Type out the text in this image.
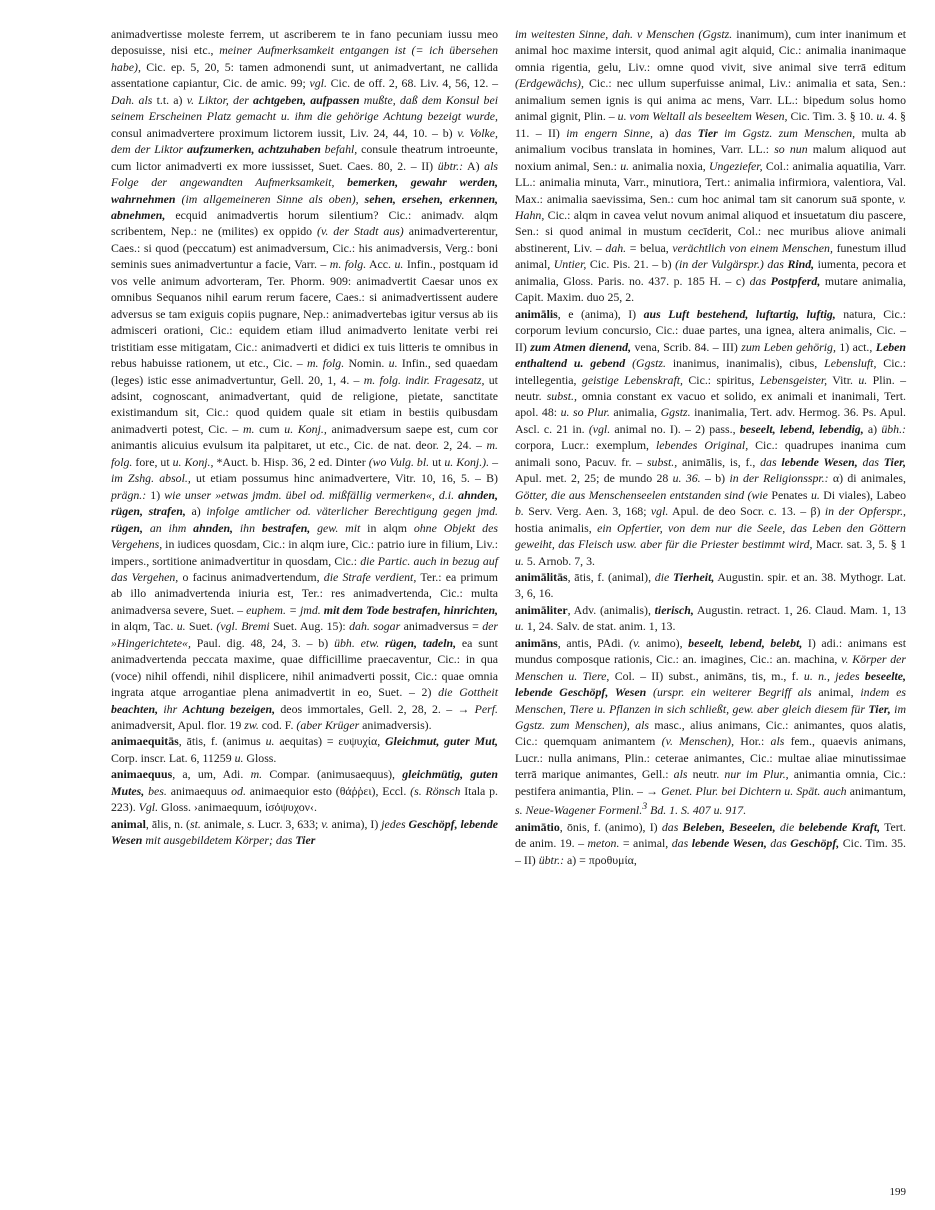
animadvertisse moleste ferrem, ut ascriberem te in fano pecuniam iussu meo deposuisse, nisi etc., meiner Aufmerksamkeit entgangen ist (= ich übersehen habe), Cic. ep. 5, 20, 5: tamen admonendi sunt, ut animadvertant, ne callida assentatione capiantur, Cic. de amic. 99; vgl. Cic. de off. 2, 68. Liv. 4, 56, 12. – Dah. als t.t. a) v. Liktor, der achtgeben, aufpassen mußte, daß dem Konsul bei seinem Erscheinen Platz gemacht u. ihm die gehörige Achtung bezeigt wurde, consul animadvertere proximum lictorem iussit, Liv. 24, 44, 10. – b) v. Volke, dem der Liktor aufzumerken, achtzuhaben befahl, consule theatrum introeunte, cum lictor animadverti ex more iussisset, Suet. Caes. 80, 2. – II) übtr.: A) als Folge der angewandten Aufmerksamkeit, bemerken, gewahr werden, wahrnehmen (im allgemeineren Sinne als oben), sehen, ersehen, erkennen, abnehmen, ecquid animadvertis horum silentium? Cic.: animadv. alqm scribentem, Nep.: ne (milites) ex oppido (v. der Stadt aus) animadverterentur, Caes.: si quod (peccatum) est animadversum, Cic.: his animadversis, Verg.: boni seminis sues animadvertuntur a facie, Varr. – m. folg. Acc. u. Infin., postquam id vos velle animum advorteram, Ter. Phorm. 909: animadvertit Caesar unos ex omnibus Sequanos nihil earum rerum facere, Caes.: si animadvertissent audere adversus se tam exiguis copiis pugnare, Nep.: animadvertebas igitur versus ab iis admisceri orationi, Cic.: equidem etiam illud animadverto lenitate verbi rei tristitiam esse mitigatam, Cic.: animadverti et didici ex tuis litteris te omnibus in rebus habuisse rationem, ut etc., Cic. – m. folg. Nomin. u. Infin., sed quaedam (leges) istic esse animadvertuntur, Gell. 20, 1, 4. – m. folg. indir. Fragesatz, ut adsint, cognoscant, animadvertant, quid de religione, pietate, sanctitate existimandum sit, Cic.: quod quidem quale sit etiam in bestiis quibusdam animadverti potest, Cic. – m. cum u. Konj., animadversum saepe est, cum cor animantis alicuius evulsum ita palpitaret, ut etc., Cic. de nat. deor. 2, 24. – m. folg. fore, ut u. Konj., *Auct. b. Hisp. 36, 2 ed. Dinter (wo Vulg. bl. ut u. Konj.). – im Zshg. absol., ut etiam possumus hinc animadvertere, Vitr. 10, 16, 5. – B) prägn.: 1) wie unser »etwas jmdm. übel od. mißfällig vermerken«, d.i. ahnden, rügen, strafen, a) infolge amtlicher od. väterlicher Berechtigung gegen jmd. rügen, an ihm ahnden, ihn bestrafen, gew. mit in alqm ohne Objekt des Vergehens, in iudices quosdam, Cic.: in alqm iure, Cic.: patrio iure in filium, Liv.: impers., sortitione animadvertitur in quosdam, Cic.: die Partic. auch in bezug auf das Vergehen, o facinus animadvertendum, die Strafe verdient, Ter.: ea primum ab illo animadvertenda iniuria est, Ter.: res animadvertenda, Cic.: multa animadversa severe, Suet. – euphem. = jmd. mit dem Tode bestrafen, hinrichten, in alqm, Tac. u. Suet. (vgl. Bremi Suet. Aug. 15): dah. sogar animadversus = der »Hingerichtete«, Paul. dig. 48, 24, 3. – b) übh. etw. rügen, tadeln, ea sunt animadvertenda peccata maxime, quae difficillime praecaventur, Cic.: in qua (voce) nihil offendi, nihil displicere, nihil animadverti possit, Cic.: quae omnia ingrata atque arrogantiae plena animadvertit in eo, Suet. – 2) die Gottheit beachten, ihr Achtung bezeigen, deos immortales, Gell. 2, 28, 2. – → Perf. animadversit, Apul. flor. 19 zw. cod. F. (aber Krüger animadversis).

animaequitās, ātis, f. (animus u. aequitas) = ευψυχία, Gleichmut, guter Mut, Corp. inscr. Lat. 6, 11259 u. Gloss.

animaequus, a, um, Adi. m. Compar. (animusaequus), gleichmütig, guten Mutes, bes. animaequus od. animaequior esto (θάῤῥει), Eccl. (s. Rönsch Itala p. 223). Vgl. Gloss. ›animaequum, ἰσόψυχον‹.

animal, ālis, n. (st. animale, s. Lucr. 3, 633; v. anima), I) jedes Geschöpf, lebende Wesen mit ausgebildetem Körper; das Tier

im weitesten Sinne, dah. v Menschen (Ggstz. inanimum), cum inter inanimum et animal hoc maxime intersit, quod animal agit alquid, Cic.: animalia inanimaque omnia rigentia, gelu, Liv.: omne quod vivit, sive animal sive terrā editum (Erdgewächs), Cic.: nec ullum superfuisse animal, Liv.: animalia et sata, Sen.: animalium semen ignis is qui anima ac mens, Varr. LL.: bipedum solus homo animal gignit, Plin. – u. vom Weltall als beseeltem Wesen, Cic. Tim. 3. § 10. u. 4. § 11. – II) im engern Sinne, a) das Tier im Ggstz. zum Menschen, multa ab animalium vocibus translata in homines, Varr. LL.: so nun malum aliquod aut noxium animal, Sen.: u. animalia noxia, Ungeziefer, Col.: animalia aquatilia, Varr. LL.: animalia minuta, Varr., minutiora, Tert.: animalia infirmiora, valentiora, Val. Max.: animalia saevissima, Sen.: cum hoc animal tam sit canorum suā sponte, v. Hahn, Cic.: alqm in cavea velut novum animal aliquod et insuetatum diu pascere, Sen.: si quod animal in mustum cecīderit, Col.: nec muribus aliove animali abstinerent, Liv. – dah. = belua, verächtlich von einem Menschen, funestum illud animal, Untier, Cic. Pis. 21. – b) (in der Vulgärspr.) das Rind, iumenta, pecora et animalia, Gloss. Paris. no. 437. p. 185 H. – c) das Postpferd, mutare animalia, Capit. Maxim. duo 25, 2.

animālis, e (anima), I) aus Luft bestehend, luftartig, luftig, natura, Cic.: corporum levium concursio, Cic.: duae partes, una ignea, altera animalis, Cic. – II) zum Atmen dienend, vena, Scrib. 84. – III) zum Leben gehörig, 1) act., Leben enthaltend u. gebend (Ggstz. inanimus, inanimalis), cibus, Lebensluft, Cic.: intellegentia, geistige Lebenskraft, Cic.: spiritus, Lebensgeister, Vitr. u. Plin. – neutr. subst., omnia constant ex vacuo et solido, ex animali et inanimali, Tert. apol. 48: u. so Plur. animalia, Ggstz. inanimalia, Tert. adv. Hermog. 36. Ps. Apul. Ascl. c. 21 in. (vgl. animal no. I). – 2) pass., beseelt, lebend, lebendig, a) übh.: corpora, Lucr.: exemplum, lebendes Original, Cic.: quadrupes inanima cum animali sono, Pacuv. fr. – subst., animālis, is, f., das lebende Wesen, das Tier, Apul. met. 2, 25; de mundo 28 u. 36. – b) in der Religionsspr.: α) di animales, Götter, die aus Menschenseelen entstanden sind (wie Penates u. Di viales), Labeo b. Serv. Verg. Aen. 3, 168; vgl. Apul. de deo Socr. c. 13. – β) in der Opferspr., hostia animalis, ein Opfertier, von dem nur die Seele, das Leben den Göttern geweiht, das Fleisch usw. aber für die Priester bestimmt wird, Macr. sat. 3, 5. § 1 u. 5. Arnob. 7, 3.

animālitās, ātis, f. (animal), die Tierheit, Augustin. spir. et an. 38. Mythogr. Lat. 3, 6, 16.

animāliter, Adv. (animalis), tierisch, Augustin. retract. 1, 26. Claud. Mam. 1, 13 u. 1, 24. Salv. de stat. anim. 1, 13.

animāns, antis, PAdi. (v. animo), beseelt, lebend, belebt, I) adi.: animans est mundus composque rationis, Cic.: an. imagines, Cic.: an. machina, v. Körper der Menschen u. Tiere, Col. – II) subst., animāns, tis, m., f. u. n., jedes beseelte, lebende Geschöpf, Wesen (urspr. ein weiterer Begriff als animal, indem es Menschen, Tiere u. Pflanzen in sich schließt, gew. aber gleich diesem für Tier, im Ggstz. zum Menschen), als masc., alius animans, Cic.: animantes, quos alatis, Cic.: quemquam animantem (v. Menschen), Hor.: als fem., quaevis animans, Lucr.: nulla animans, Plin.: ceterae animantes, Cic.: multae aliae minutissimae terrā marique animantes, Gell.: als neutr. nur im Plur., animantia omnia, Cic.: pestifera animantia, Plin. – → Genet. Plur. bei Dichtern u. Spät. auch animantum, s. Neue-Wagener Formenl.$^3$ Bd. 1. S. 407 u. 917.

animātio, ōnis, f. (animo), I) das Beleben, Beseelen, die belebende Kraft, Tert. de anim. 19. – meton. = animal, das lebende Wesen, das Geschöpf, Cic. Tim. 35. – II) übtr.: a) = προθυμία,

199
